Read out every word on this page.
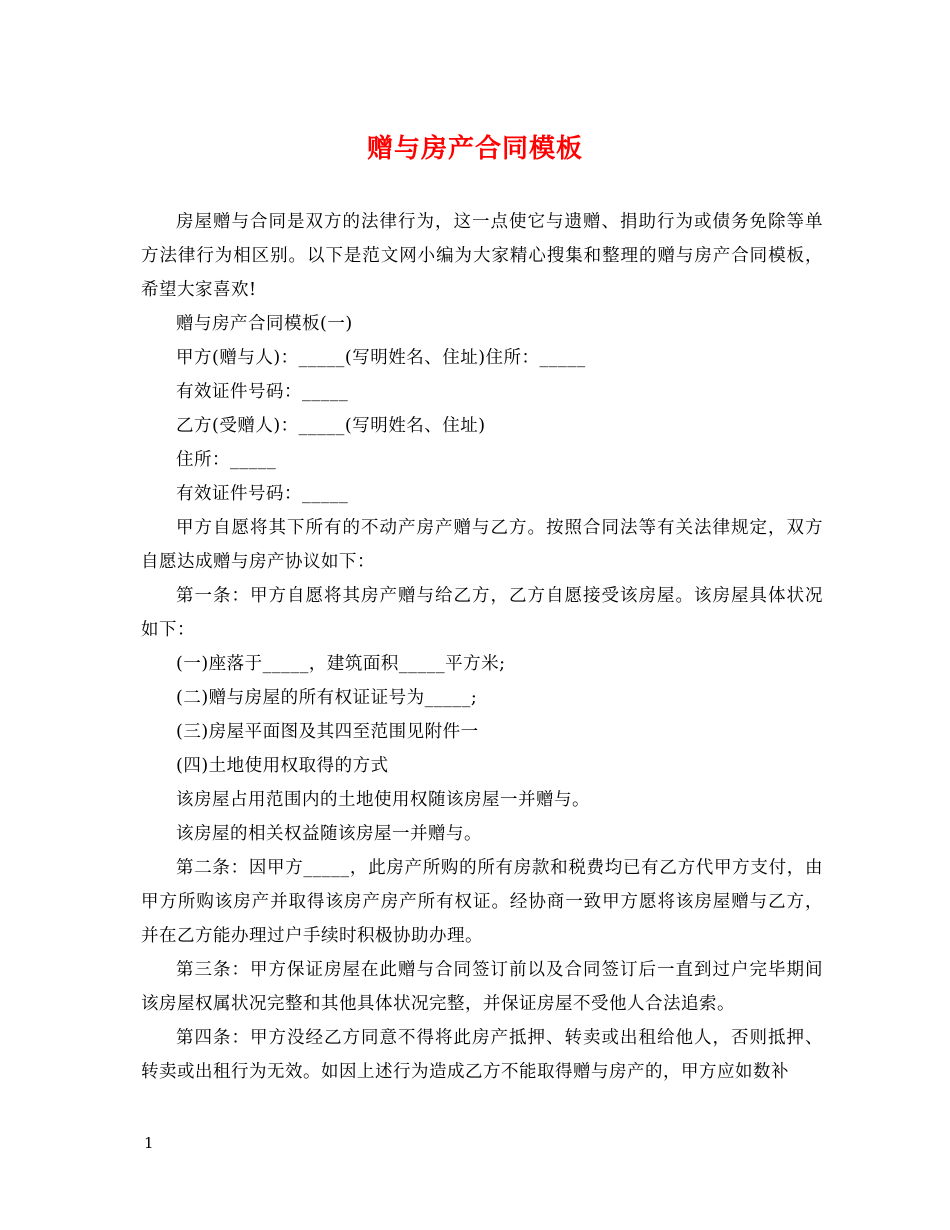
赠与房产合同模板

房屋赠与合同是双方的法律行为，这一点使它与遗赠、捐助行为或债务免除等单方法律行为相区别。以下是范文网小编为大家精心搜集和整理的赠与房产合同模板，希望大家喜欢!

赠与房产合同模板(一)

甲方(赠与人)：_____(写明姓名、住址)住所：_____

有效证件号码：_____

乙方(受赠人)：_____(写明姓名、住址)

住所：_____

有效证件号码：_____

甲方自愿将其下所有的不动产房产赠与乙方。按照合同法等有关法律规定，双方自愿达成赠与房产协议如下：

第一条：甲方自愿将其房产赠与给乙方，乙方自愿接受该房屋。该房屋具体状况如下：

(一)座落于_____，建筑面积_____平方米;

(二)赠与房屋的所有权证证号为_____;

(三)房屋平面图及其四至范围见附件一

(四)土地使用权取得的方式

该房屋占用范围内的土地使用权随该房屋一并赠与。

该房屋的相关权益随该房屋一并赠与。

第二条：因甲方_____，此房产所购的所有房款和税费均已有乙方代甲方支付，由甲方所购该房产并取得该房产房产所有权证。经协商一致甲方愿将该房屋赠与乙方，并在乙方能办理过户手续时积极协助办理。

第三条：甲方保证房屋在此赠与合同签订前以及合同签订后一直到过户完毕期间该房屋权属状况完整和其他具体状况完整，并保证房屋不受他人合法追索。

第四条：甲方没经乙方同意不得将此房产抵押、转卖或出租给他人，否则抵押、转卖或出租行为无效。如因上述行为造成乙方不能取得赠与房产的，甲方应如数补

1
